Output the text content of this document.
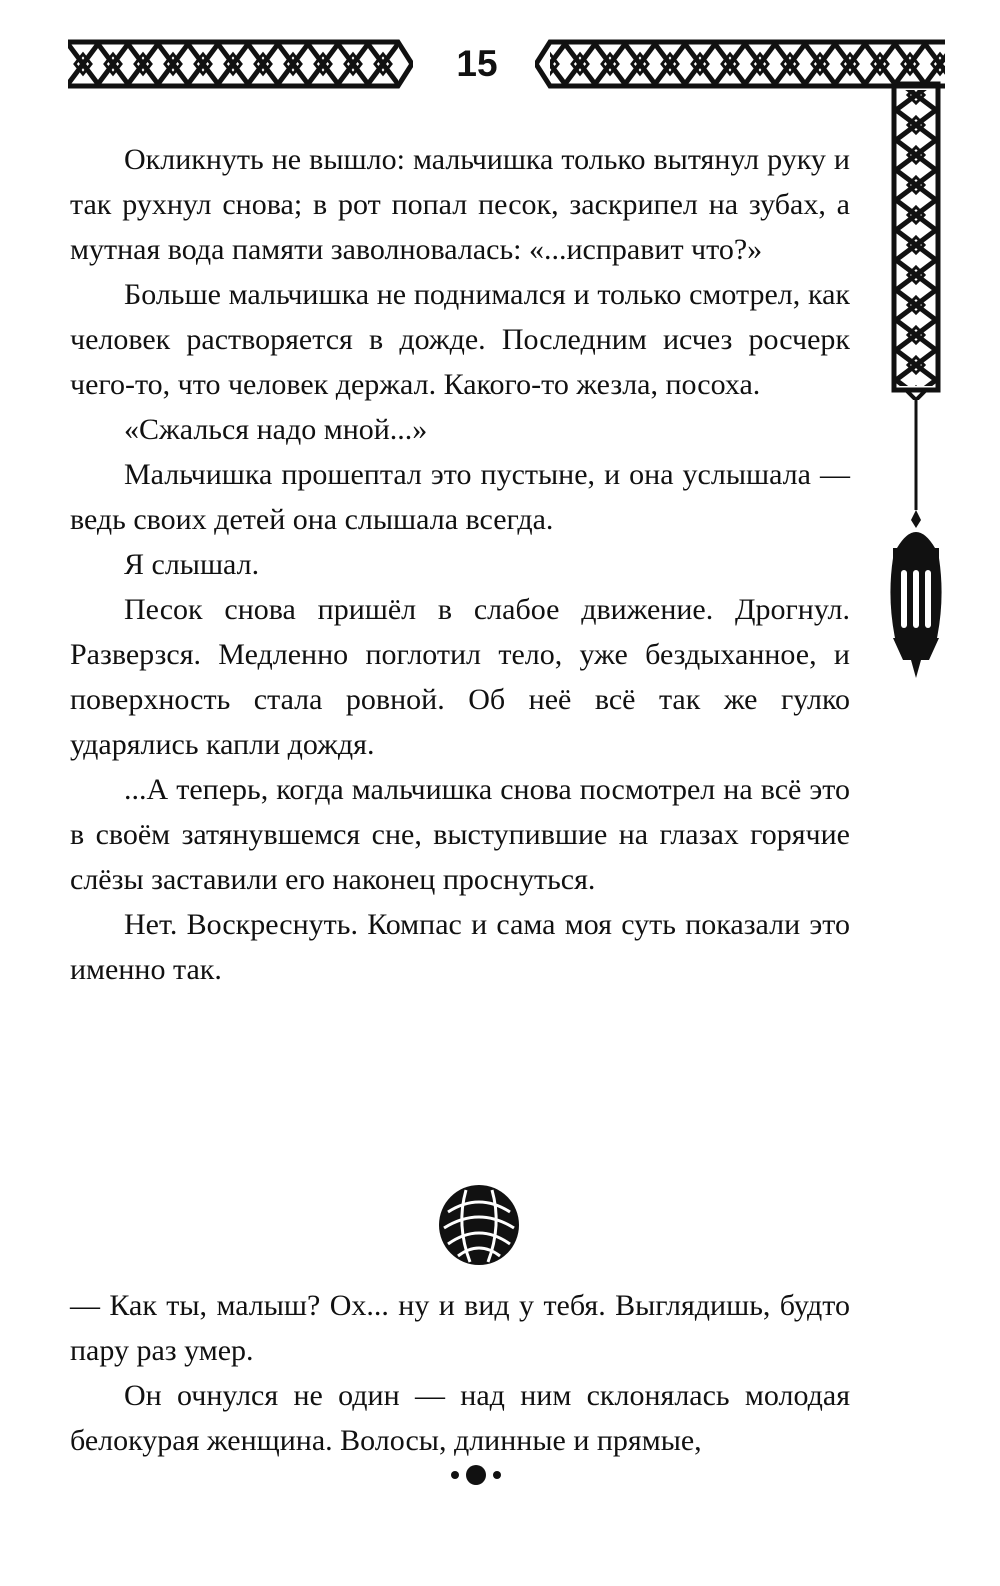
15

Окликнуть не вышло: мальчишка только вытянул руку и так рухнул снова; в рот попал песок, заскрипел на зубах, а мутная вода памяти заволновалась: «...исправит что?»

Больше мальчишка не поднимался и только смотрел, как человек растворяется в дожде. Последним исчез росчерк чего-то, что человек держал. Какого-то жезла, посоха.

«Сжалься надо мной...»

Мальчишка прошептал это пустыне, и она услышала — ведь своих детей она слышала всегда.

Я слышал.

Песок снова пришёл в слабое движение. Дрогнул. Разверзся. Медленно поглотил тело, уже бездыханное, и поверхность стала ровной. Об неё всё так же гулко ударялись капли дождя.

...А теперь, когда мальчишка снова посмотрел на всё это в своём затянувшемся сне, выступившие на глазах горячие слёзы заставили его наконец проснуться.

Нет. Воскреснуть. Компас и сама моя суть показали это именно так.

— Как ты, малыш? Ох... ну и вид у тебя. Выглядишь, будто пару раз умер.

Он очнулся не один — над ним склонялась молодая белокурая женщина. Волосы, длинные и прямые,
